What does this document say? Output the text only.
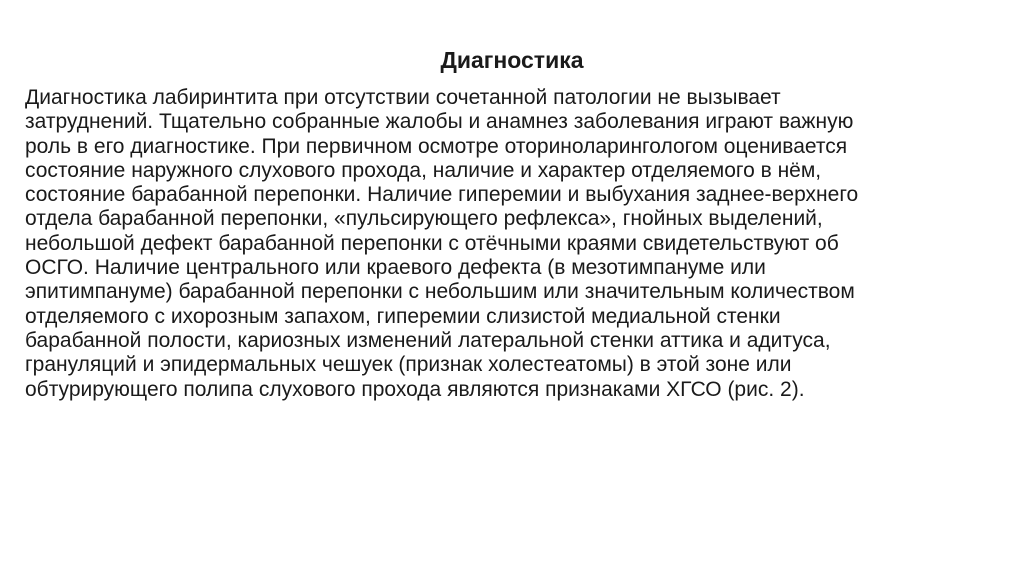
Диагностика
Диагностика лабиринтита при отсутствии сочетанной патологии не вызывает
затруднений. Тщательно собранные жалобы и анамнез заболевания играют важную
роль в его диагностике. При первичном осмотре оториноларингологом оценивается
состояние наружного слухового прохода, наличие и характер отделяемого в нём,
состояние барабанной перепонки. Наличие гиперемии и выбухания заднее-верхнего
отдела барабанной перепонки, «пульсирующего рефлекса», гнойных выделений,
небольшой дефект барабанной перепонки с отёчными краями свидетельствуют об
ОСГО. Наличие центрального или краевого дефекта (в мезотимпануме или
эпитимпануме) барабанной перепонки с небольшим или значительным количеством
отделяемого с ихорозным запахом, гиперемии слизистой медиальной стенки
барабанной полости, кариозных изменений латеральной стенки аттика и адитуса,
грануляций и эпидермальных чешуек (признак холестеатомы) в этой зоне или
обтурирующего полипа слухового прохода являются признаками ХГСО (рис. 2).
